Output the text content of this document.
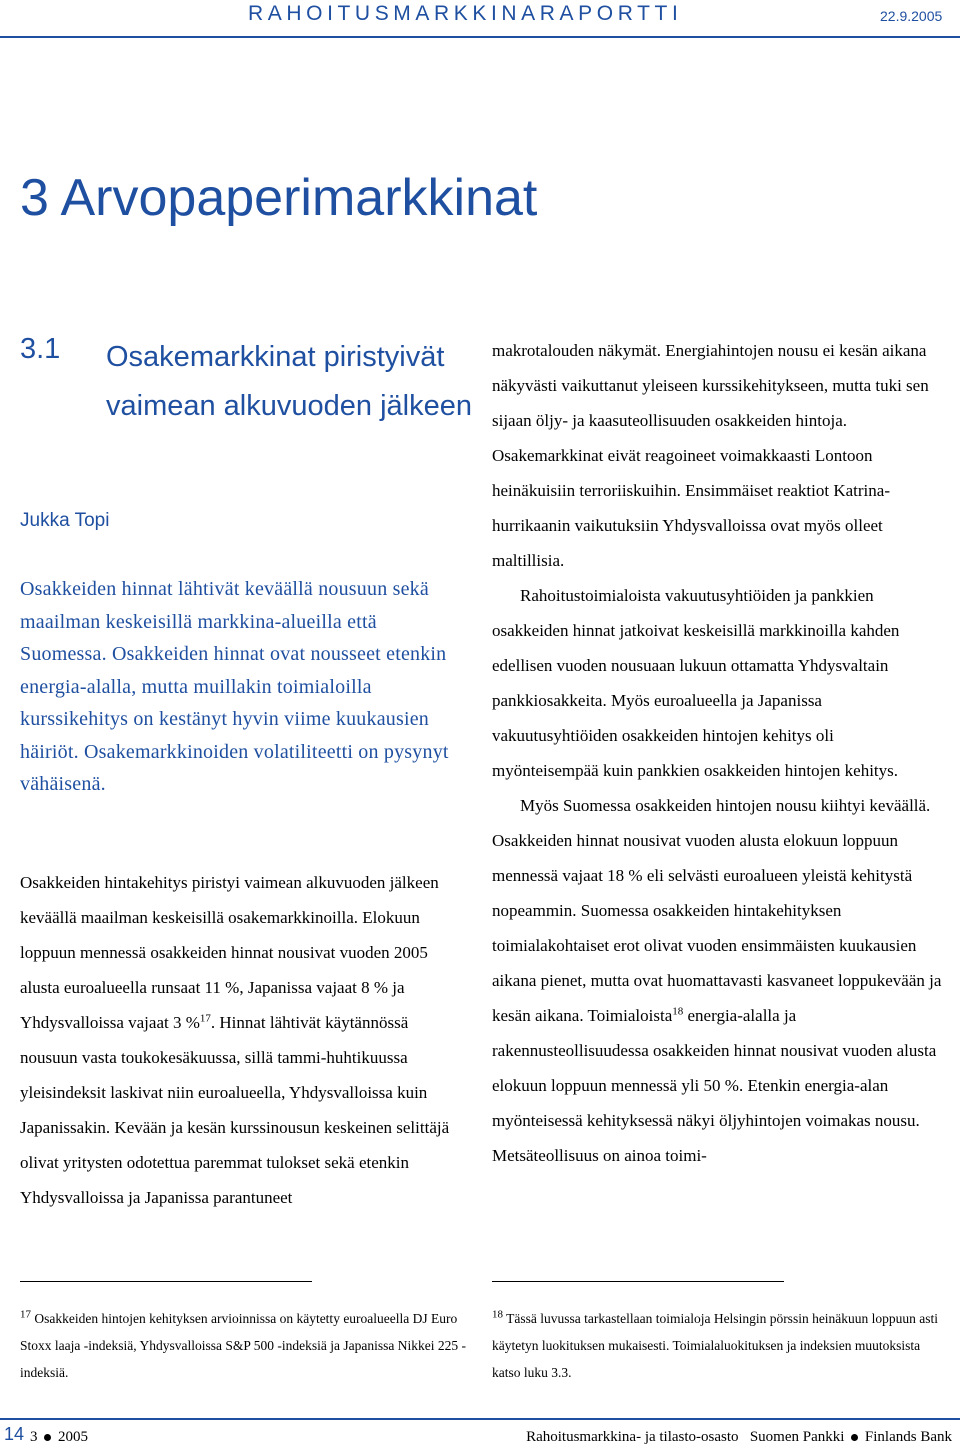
RAHOITUSMARKKINARAPORTTI	22.9.2005
3 Arvopaperimarkkinat
3.1 Osakemarkkinat piristyivät vaimean alkuvuoden jälkeen
Jukka Topi

Osakkeiden hinnat lähtivät keväällä nousuun sekä maailman keskeisillä markkina-alueilla että Suomessa. Osakkeiden hinnat ovat nousseet etenkin energia-alalla, mutta muillakin toimialoilla kurssikehitys on kestänyt hyvin viime kuukausien häiriöt. Osakemarkkinoiden volatiliteetti on pysynyt vähäisenä.

Osakkeiden hintakehitys piristyi vaimean alkuvuoden jälkeen keväällä maailman keskeisillä osakemarkkinoilla. Elokuun loppuun mennessä osakkeiden hinnat nousivat vuoden 2005 alusta euroalueella runsaat 11 %, Japanissa vajaat 8 % ja Yhdysvalloissa vajaat 3 %$^{17}$. Hinnat lähtivät käytännössä nousuun vasta toukokesäkuussa, sillä tammi-huhtikuussa yleisindeksit laskivat niin euroalueella, Yhdysvalloissa kuin Japanissakin. Kevään ja kesän kurssinousun keskeinen selittäjä olivat yritysten odotettua paremmat tulokset sekä etenkin Yhdysvalloissa ja Japanissa parantuneet

makrotalouden näkymät. Energiahintojen nousu ei kesän aikana näkyvästi vaikuttanut yleiseen kurssikehitykseen, mutta tuki sen sijaan öljy- ja kaasuteollisuuden osakkeiden hintoja. Osakemarkkinat eivät reagoineet voimakkaasti Lontoon heinäkuisiin terroriiskuihin. Ensimmäiset reaktiot Katrina-hurrikaanin vaikutuksiin Yhdysvalloissa ovat myös olleet maltillisia.

Rahoitustoimialoista vakuutusyhtiöiden ja pankkien osakkeiden hinnat jatkoivat keskeisillä markkinoilla kahden edellisen vuoden nousuaan lukuun ottamatta Yhdysvaltain pankkiosakkeita. Myös euroalueella ja Japanissa vakuutusyhtiöiden osakkeiden hintojen kehitys oli myönteisempää kuin pankkien osakkeiden hintojen kehitys.

Myös Suomessa osakkeiden hintojen nousu kiihtyi keväällä. Osakkeiden hinnat nousivat vuoden alusta elokuun loppuun mennessä vajaat 18 % eli selvästi euroalueen yleistä kehitystä nopeammin. Suomessa osakkeiden hintakehityksen toimialakohtaiset erot olivat vuoden ensimmäisten kuukausien aikana pienet, mutta ovat huomattavasti kasvaneet loppukevään ja kesän aikana. Toimialoista$^{18}$ energia-alalla ja rakennusteollisuudessa osakkeiden hinnat nousivat vuoden alusta elokuun loppuun mennessä yli 50 %. Etenkin energia-alan myönteisessä kehityksessä näkyi öljyhintojen voimakas nousu. Metsäteollisuus on ainoa toimi-

$^{17}$ Osakkeiden hintojen kehityksen arvioinnissa on käytetty euroalueella DJ Euro Stoxx laaja -indeksiä, Yhdysvalloissa S&P 500 -indeksiä ja Japanissa Nikkei 225 -indeksiä.

$^{18}$ Tässä luvussa tarkastellaan toimialoja Helsingin pörssin heinäkuun loppuun asti käytetyn luokituksen mukaisesti. Toimialaluokituksen ja indeksien muutoksista katso luku 3.3.

14 3 2005	Rahoitusmarkkina- ja tilasto-osasto Suomen Pankki Finlands Bank
